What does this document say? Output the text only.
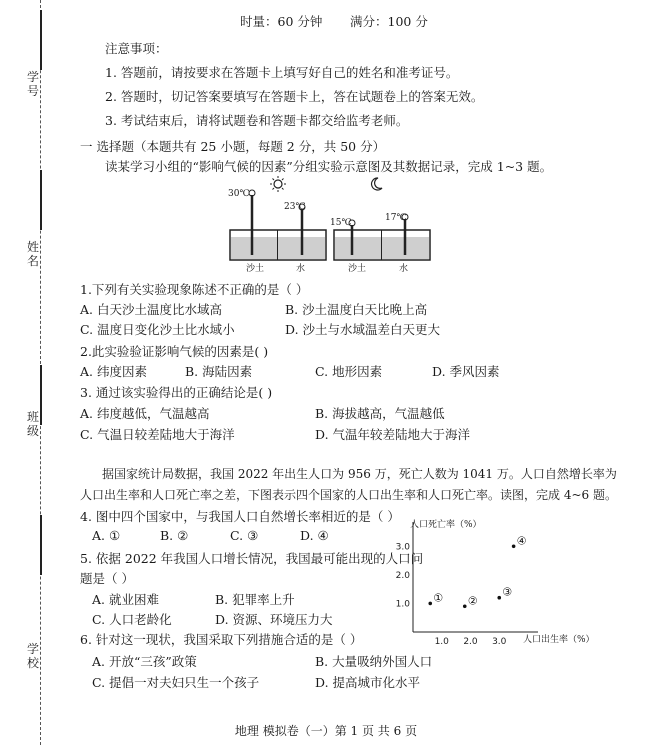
学号
姓名
班级
学校
时量：60 分钟 满分：100 分
注意事项：
1. 答题前，请按要求在答题卡上填写好自己的姓名和准考证号。
2. 答题时，切记答案要填写在答题卡上，答在试题卷上的答案无效。
3. 考试结束后，请将试题卷和答题卡都交给监考老师。
一 选择题（本题共有 25 小题，每题 2 分，共 50 分）
读某学习小组的“影响气候的因素”分组实验示意图及其数据记录，完成 1~3 题。
30℃
23℃
15℃	17℃
沙土	水	沙土	水
1.下列有关实验现象陈述不正确的是（ ）
A. 白天沙土温度比水域高	B. 沙土温度白天比晚上高
C. 温度日变化沙土比水域小	D. 沙土与水域温差白天更大
2.此实验验证影响气候的因素是( )
A. 纬度因素	B. 海陆因素	C. 地形因素	D. 季风因素
3. 通过该实验得出的正确结论是( )
A. 纬度越低，气温越高	B. 海拔越高，气温越低
C. 气温日较差陆地大于海洋	D. 气温年较差陆地大于海洋
据国家统计局数据，我国 2022 年出生人口为 956 万，死亡人数为 1041 万。人口自然增长率为
人口出生率和人口死亡率之差，下图表示四个国家的人口出生率和人口死亡率。读图，完成 4~6 题。
4. 图中四个国家中，与我国人口自然增长率相近的是（ ）
A. ①	B. ②	C. ③	D. ④
5. 依据 2022 年我国人口增长情况，我国最可能出现的人口问
题是（ ）
A. 就业困难	B. 犯罪率上升
C. 人口老龄化	D. 资源、环境压力大
6. 针对这一现状，我国采取下列措施合适的是（ ）
A. 开放“三孩”政策	B. 大量吸纳外国人口
C. 提倡一对夫妇只生一个孩子	D. 提高城市化水平
1.0 2.0 3.0
1.0
2.0
3.0
① ②
③
④
人口死亡率（%）
人口出生率（%）
地理 模拟卷（一）第 1 页 共 6 页
